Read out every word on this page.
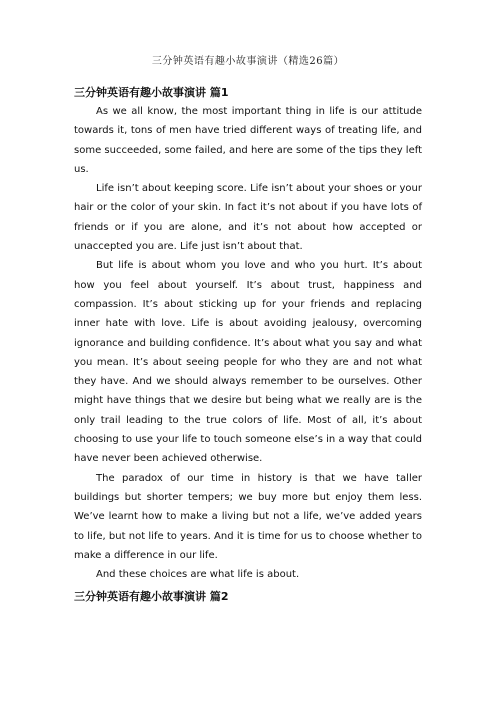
三分钟英语有趣小故事演讲（精选26篇）
三分钟英语有趣小故事演讲 篇1

As we all know, the most important thing in life is our attitude towards it, tons of men have tried different ways of treating life, and some succeeded, some failed, and here are some of the tips they left us.

Life isn’t about keeping score. Life isn’t about your shoes or your hair or the color of your skin. In fact it’s not about if you have lots of friends or if you are alone, and it’s not about how accepted or unaccepted you are. Life just isn’t about that.

But life is about whom you love and who you hurt. It’s about how you feel about yourself. It’s about trust, happiness and compassion. It’s about sticking up for your friends and replacing inner hate with love. Life is about avoiding jealousy, overcoming ignorance and building confidence. It’s about what you say and what you mean. It’s about seeing people for who they are and not what they have. And we should always remember to be ourselves. Other might have things that we desire but being what we really are is the only trail leading to the true colors of life. Most of all, it’s about choosing to use your life to touch someone else’s in a way that could have never been achieved otherwise.

The paradox of our time in history is that we have taller buildings but shorter tempers; we buy more but enjoy them less. We’ve learnt how to make a living but not a life, we’ve added years to life, but not life to years. And it is time for us to choose whether to make a difference in our life.

And these choices are what life is about.

三分钟英语有趣小故事演讲 篇2
